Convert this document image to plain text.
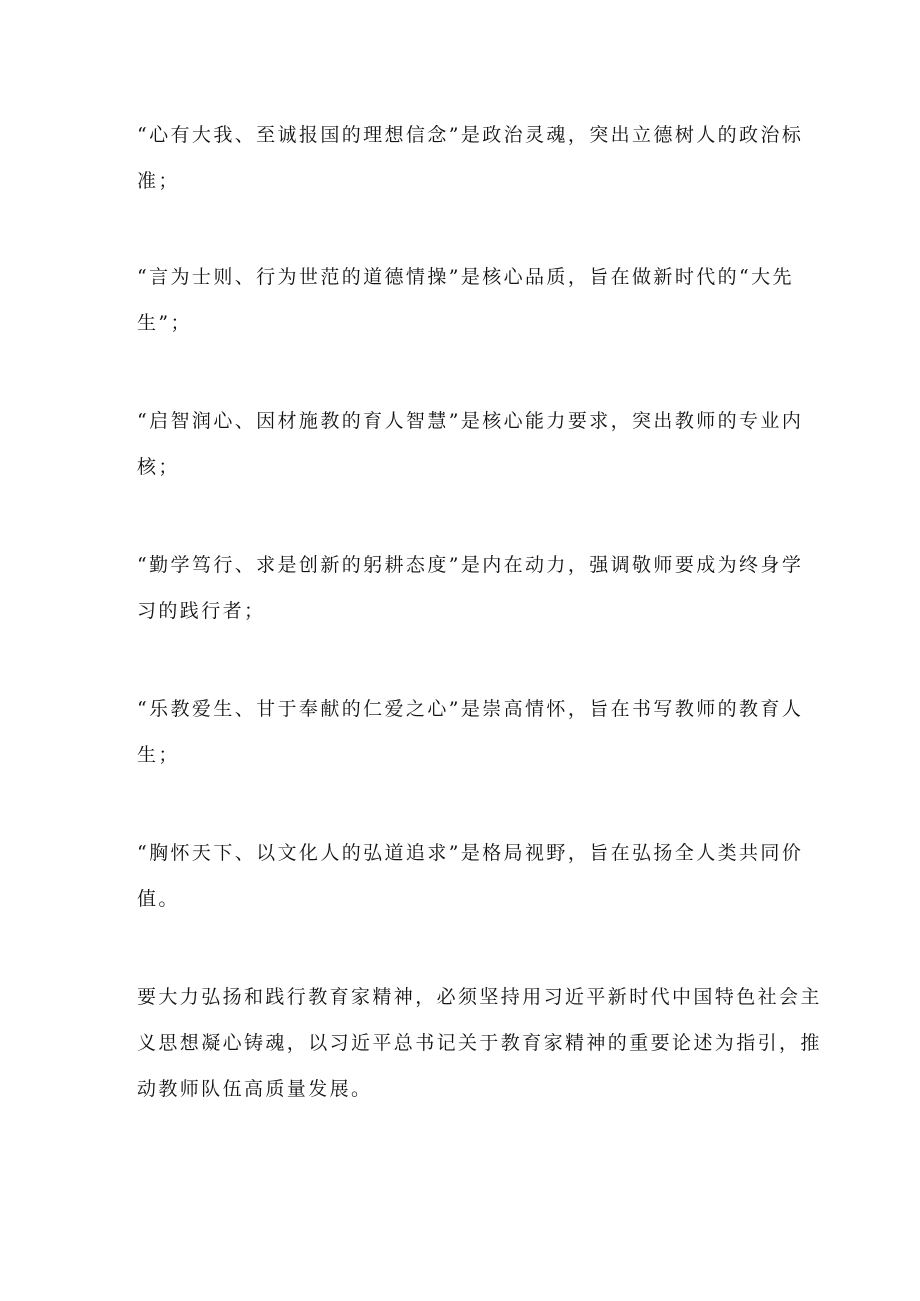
“心有大我、至诚报国的理想信念”是政治灵魂，突出立德树人的政治标
准；

“言为士则、行为世范的道德情操”是核心品质，旨在做新时代的“大先
生”；

“启智润心、因材施教的育人智慧”是核心能力要求，突出教师的专业内
核；

“勤学笃行、求是创新的躬耕态度”是内在动力，强调敬师要成为终身学
习的践行者；

“乐教爱生、甘于奉献的仁爱之心”是崇高情怀，旨在书写教师的教育人
生；

“胸怀天下、以文化人的弘道追求”是格局视野，旨在弘扬全人类共同价
值。

要大力弘扬和践行教育家精神，必须坚持用习近平新时代中国特色社会主
义思想凝心铸魂，以习近平总书记关于教育家精神的重要论述为指引，推
动教师队伍高质量发展。
